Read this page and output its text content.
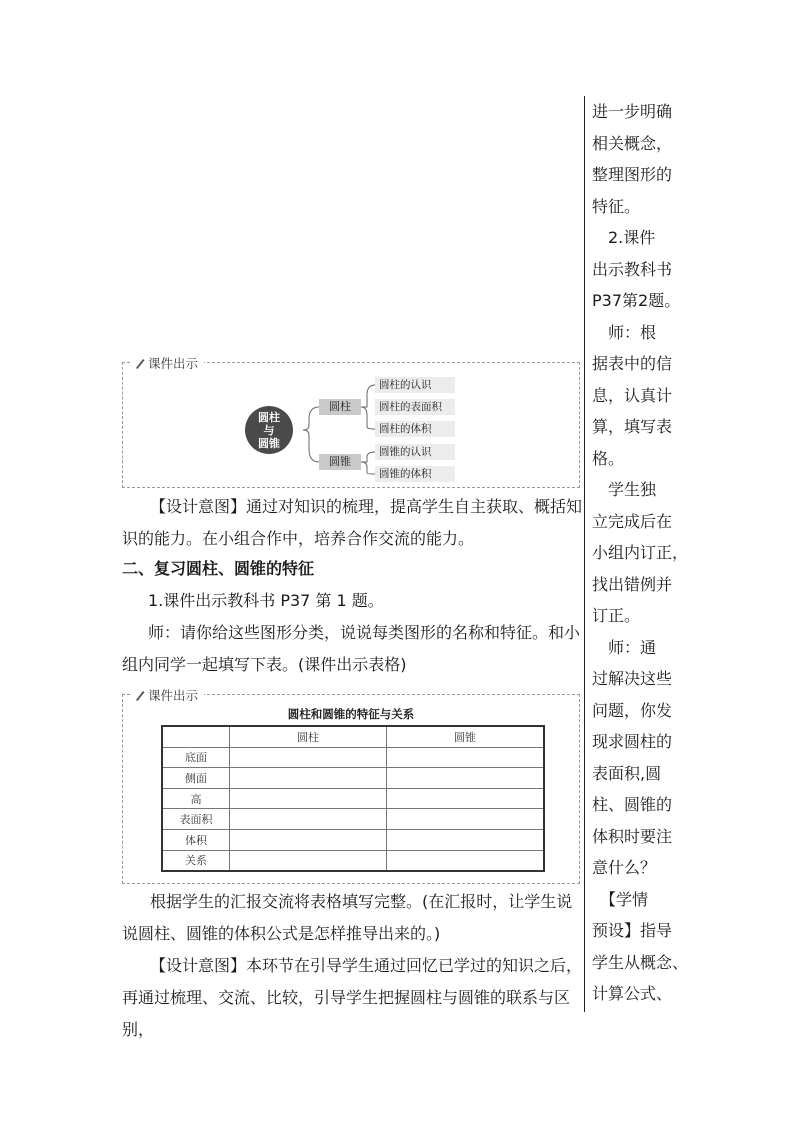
进一步明确
相关概念，
整理图形的
特征。
　2.课件
出示教科书
P37第2题。
　师：根
据表中的信
息，认真计
算，填写表
格。
　学生独
立完成后在
小组内订正，
找出错例并
订正。
　师：通
过解决这些
问题，你发
现求圆柱的
表面积,圆
柱、圆锥的
体积时要注
意什么？
　【学情
预设】指导
学生从概念、
计算公式、
课件出示
圆柱
与
圆锥
圆柱
圆锥
圆柱的认识
圆柱的表面积
圆柱的体积
圆锥的认识
圆锥的体积
【设计意图】通过对知识的梳理，提高学生自主获取、概括知
识的能力。在小组合作中，培养合作交流的能力。
二、复习圆柱、圆锥的特征
1.课件出示教科书 P37 第 1 题。
师：请你给这些图形分类，说说每类图形的名称和特征。和小
组内同学一起填写下表。(课件出示表格)
课件出示
圆柱和圆锥的特征与关系
	圆柱	圆锥
底面		
侧面		
高		
表面积		
体积		
关系		
根据学生的汇报交流将表格填写完整。(在汇报时，让学生说
说圆柱、圆锥的体积公式是怎样推导出来的。)
【设计意图】本环节在引导学生通过回忆已学过的知识之后，
再通过梳理、交流、比较，引导学生把握圆柱与圆锥的联系与区别，
